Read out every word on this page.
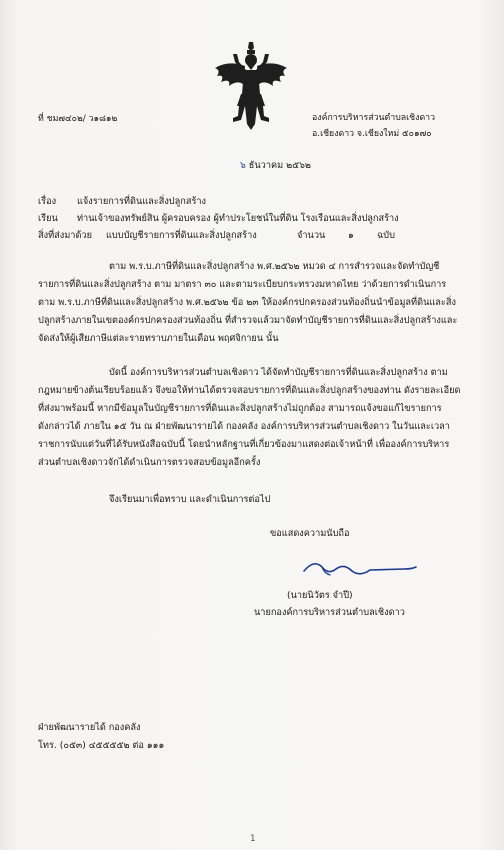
ที่ ชม๗๔๐๒/ ว๑๘๑๒	องค์การบริหารส่วนตำบลเชิงดาว
อ.เชียงดาว จ.เชียงใหม่ ๕๐๑๗๐
๖ ธันวาคม ๒๕๖๒
เรื่อง แจ้งรายการที่ดินและสิ่งปลูกสร้าง
เรียน ท่านเจ้าของทรัพย์สิน ผู้ครอบครอง ผู้ทำประโยชน์ในที่ดิน โรงเรือนและสิ่งปลูกสร้าง
สิ่งที่ส่งมาด้วย แบบบัญชีรายการที่ดินและสิ่งปลูกสร้าง	จำนวน ๑	ฉบับ
ตาม พ.ร.บ.ภาษีที่ดินและสิ่งปลูกสร้าง พ.ศ.๒๕๖๒ หมวด ๔ การสำรวจและจัดทำบัญชี
รายการที่ดินและสิ่งปลูกสร้าง ตาม มาตรา ๓๐ และตามระเบียบกระทรวงมหาดไทย ว่าด้วยการดำเนินการ
ตาม พ.ร.บ.ภาษีที่ดินและสิ่งปลูกสร้าง พ.ศ.๒๕๖๒ ข้อ ๒๓ ให้องค์กรปกครองส่วนท้องถิ่นนำข้อมูลที่ดินและสิ่ง
ปลูกสร้างภายในเขตองค์กรปกครองส่วนท้องถิ่น ที่สำรวจแล้วมาจัดทำบัญชีรายการที่ดินและสิ่งปลูกสร้างและ
จัดส่งให้ผู้เสียภาษีแต่ละรายทราบภายในเดือน พฤศจิกายน นั้น
บัดนี้ องค์การบริหารส่วนตำบลเชิงดาว ได้จัดทำบัญชีรายการที่ดินและสิ่งปลูกสร้าง ตาม
กฎหมายข้างต้นเรียบร้อยแล้ว จึงขอให้ท่านได้ตรวจสอบรายการที่ดินและสิ่งปลูกสร้างของท่าน ดังรายละเอียด
ที่ส่งมาพร้อมนี้ หากมีข้อมูลในบัญชีรายการที่ดินและสิ่งปลูกสร้างไม่ถูกต้อง สามารถแจ้งขอแก้ไขรายการ
ดังกล่าวได้ ภายใน ๑๕ วัน ณ ฝ่ายพัฒนารายได้ กองคลัง องค์การบริหารส่วนตำบลเชิงดาว ในวันและเวลา
ราชการนับแต่วันที่ได้รับหนังสือฉบับนี้ โดยนำหลักฐานที่เกี่ยวข้องมาแสดงต่อเจ้าหน้าที่ เพื่อองค์การบริหาร
ส่วนตำบลเชิงดาวจักได้ดำเนินการตรวจสอบข้อมูลอีกครั้ง
จึงเรียนมาเพื่อทราบ และดำเนินการต่อไป
ขอแสดงความนับถือ
(นายนิวัตร จำปี)
นายกองค์การบริหารส่วนตำบลเชิงดาว
ฝ่ายพัฒนารายได้ กองคลัง
โทร. (๐๕๓) ๔๕๕๕๕๒ ต่อ ๑๑๑
1
